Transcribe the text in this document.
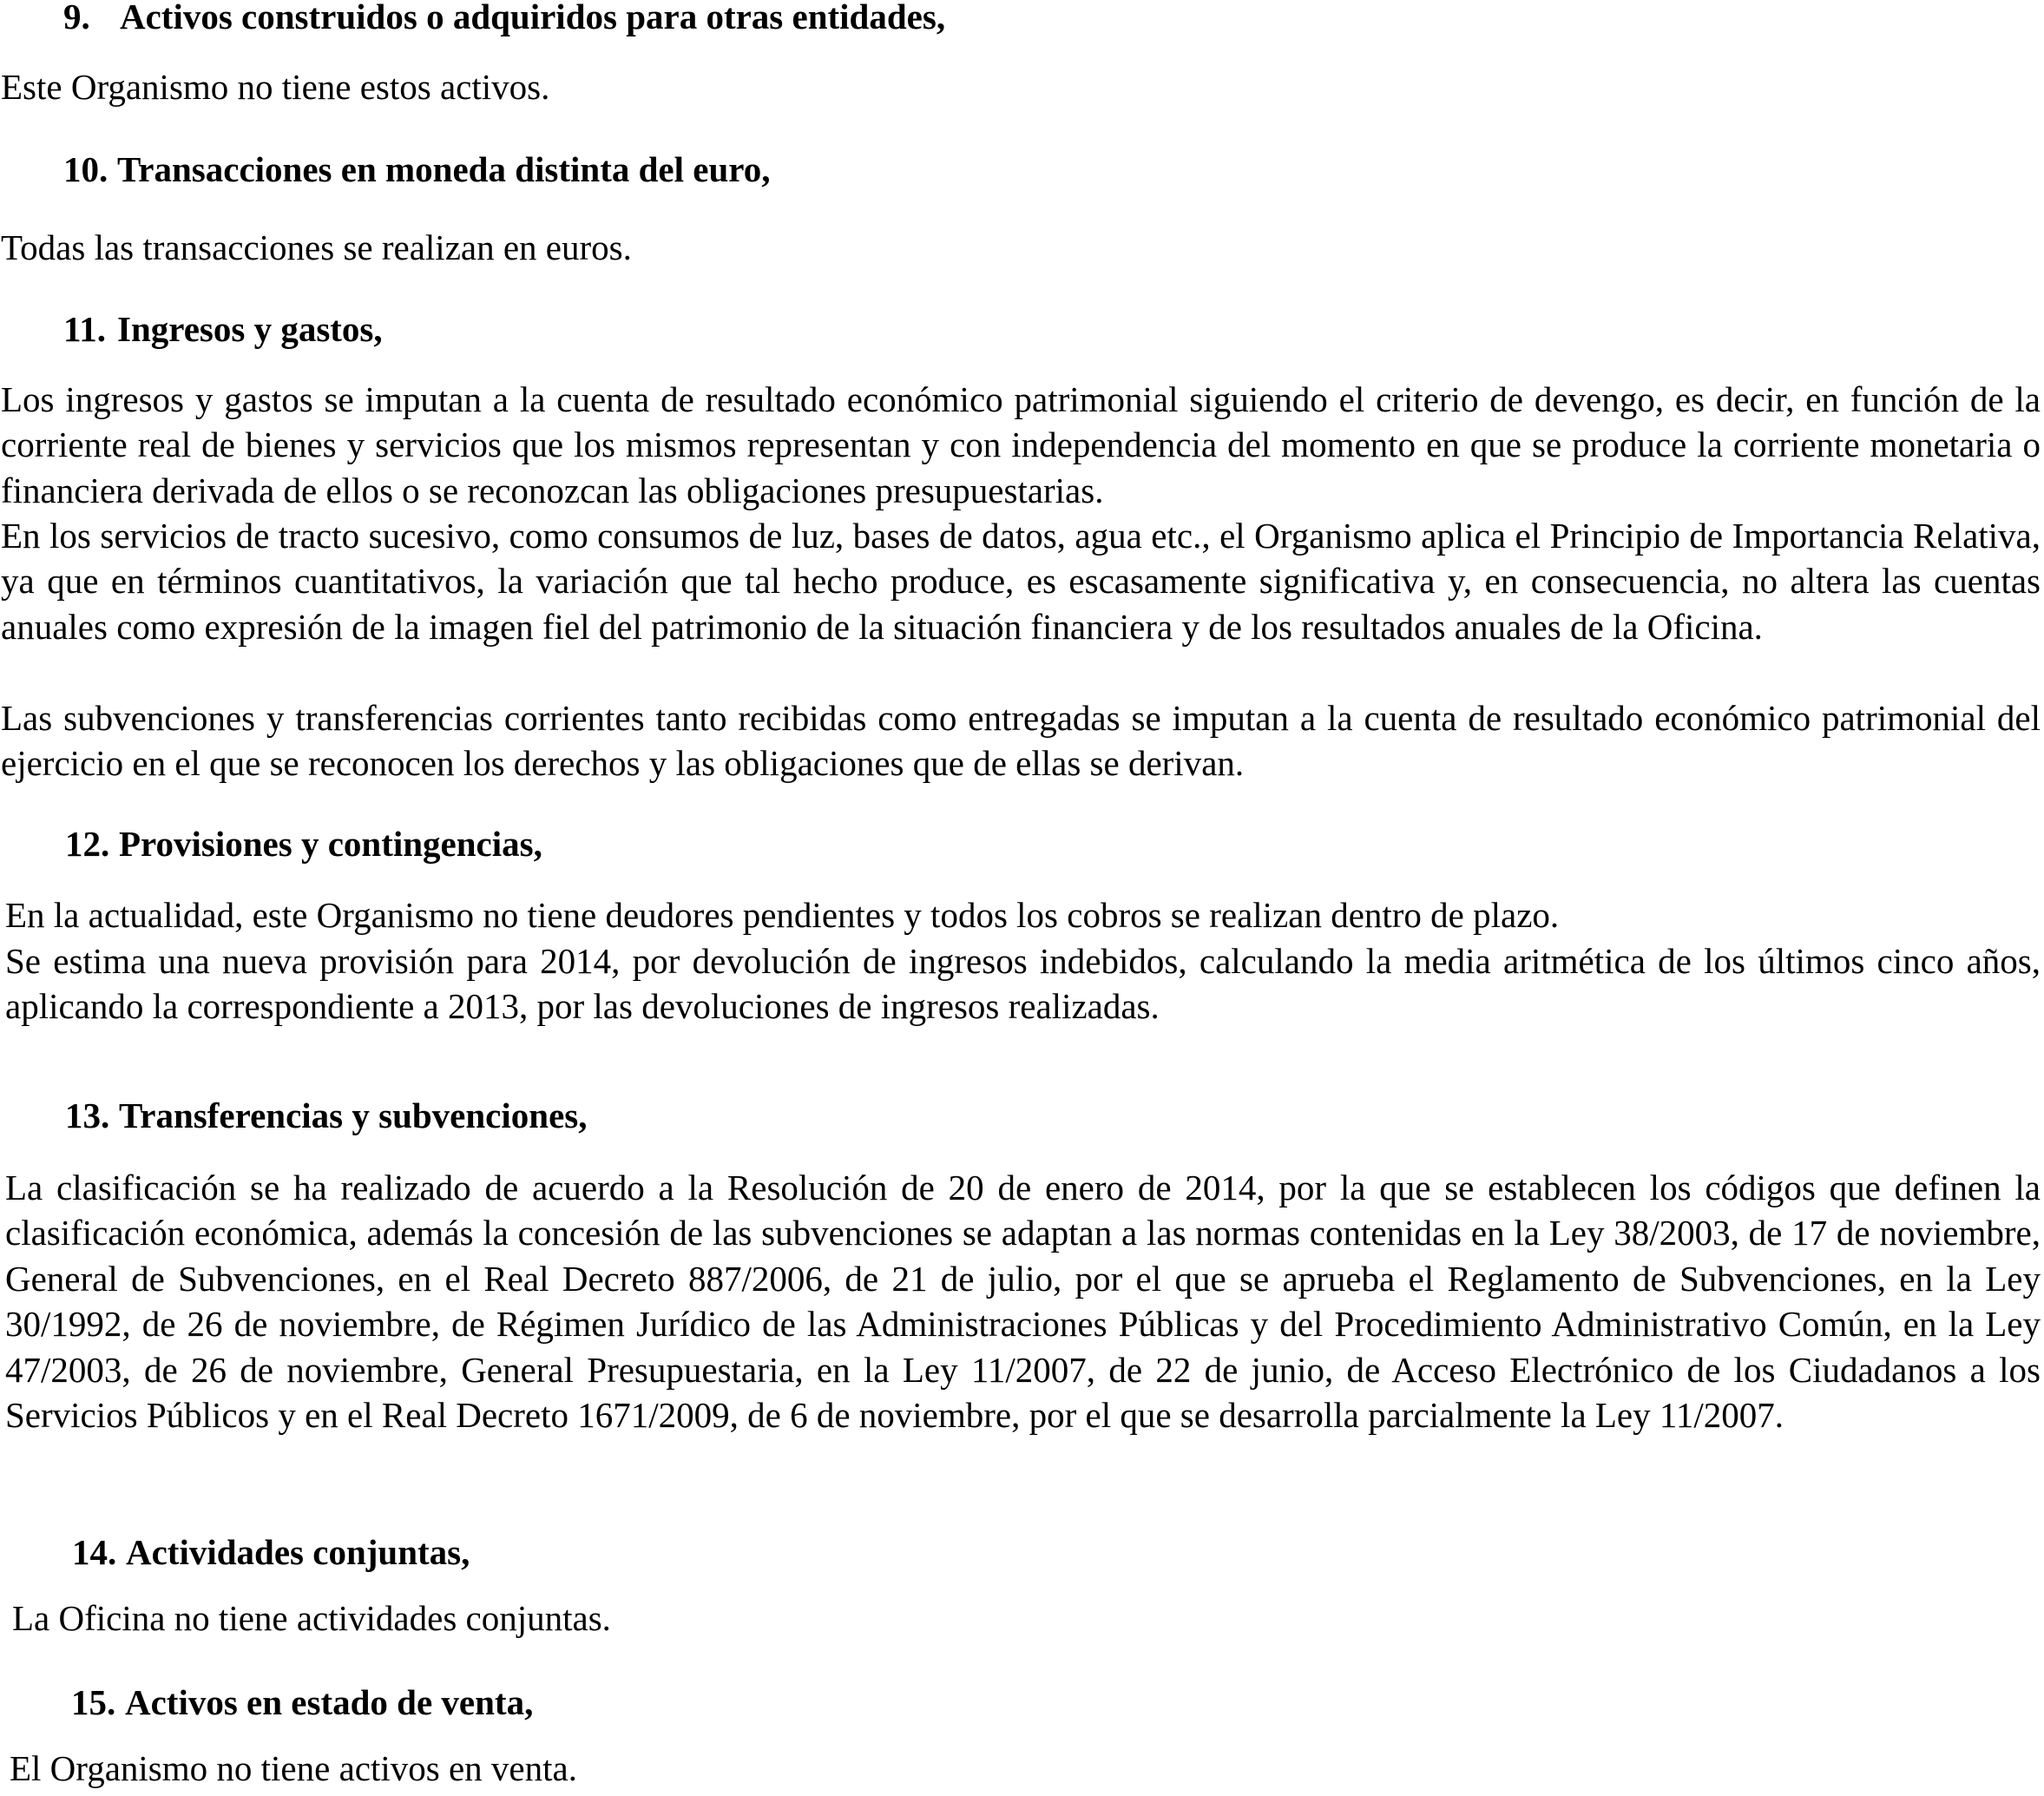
9. Activos construidos o adquiridos para otras entidades,

Este Organismo no tiene estos activos.

10. Transacciones en moneda distinta del euro,

Todas las transacciones se realizan en euros.

11. Ingresos y gastos,

Los ingresos y gastos se imputan a la cuenta de resultado económico patrimonial siguiendo el criterio de devengo, es decir, en función de la corriente real de bienes y servicios que los mismos representan y con independencia del momento en que se produce la corriente monetaria o financiera derivada de ellos o se reconozcan las obligaciones presupuestarias.

En los servicios de tracto sucesivo, como consumos de luz, bases de datos, agua etc., el Organismo aplica el Principio de Importancia Relativa, ya que en términos cuantitativos, la variación que tal hecho produce, es escasamente significativa y, en consecuencia, no altera las cuentas anuales como expresión de la imagen fiel del patrimonio de la situación financiera y de los resultados anuales de la Oficina.

Las subvenciones y transferencias corrientes tanto recibidas como entregadas se imputan a la cuenta de resultado económico patrimonial del ejercicio en el que se reconocen los derechos y las obligaciones que de ellas se derivan.

12. Provisiones y contingencias,

En la actualidad, este Organismo no tiene deudores pendientes y todos los cobros se realizan dentro de plazo.

Se estima una nueva provisión para 2014, por devolución de ingresos indebidos, calculando la media aritmética de los últimos cinco años, aplicando la correspondiente a 2013, por las devoluciones de ingresos realizadas.

13. Transferencias y subvenciones,

La clasificación se ha realizado de acuerdo a la Resolución de 20 de enero de 2014, por la que se establecen los códigos que definen la clasificación económica, además la concesión de las subvenciones se adaptan a las normas contenidas en la Ley 38/2003, de 17 de noviembre, General de Subvenciones, en el Real Decreto 887/2006, de 21 de julio, por el que se aprueba el Reglamento de Subvenciones, en la Ley 30/1992, de 26 de noviembre, de Régimen Jurídico de las Administraciones Públicas y del Procedimiento Administrativo Común, en la Ley 47/2003, de 26 de noviembre, General Presupuestaria, en la Ley 11/2007, de 22 de junio, de Acceso Electrónico de los Ciudadanos a los Servicios Públicos y en el Real Decreto 1671/2009, de 6 de noviembre, por el que se desarrolla parcialmente la Ley 11/2007.

14. Actividades conjuntas,

La Oficina no tiene actividades conjuntas.

15. Activos en estado de venta,

El Organismo no tiene activos en venta.
